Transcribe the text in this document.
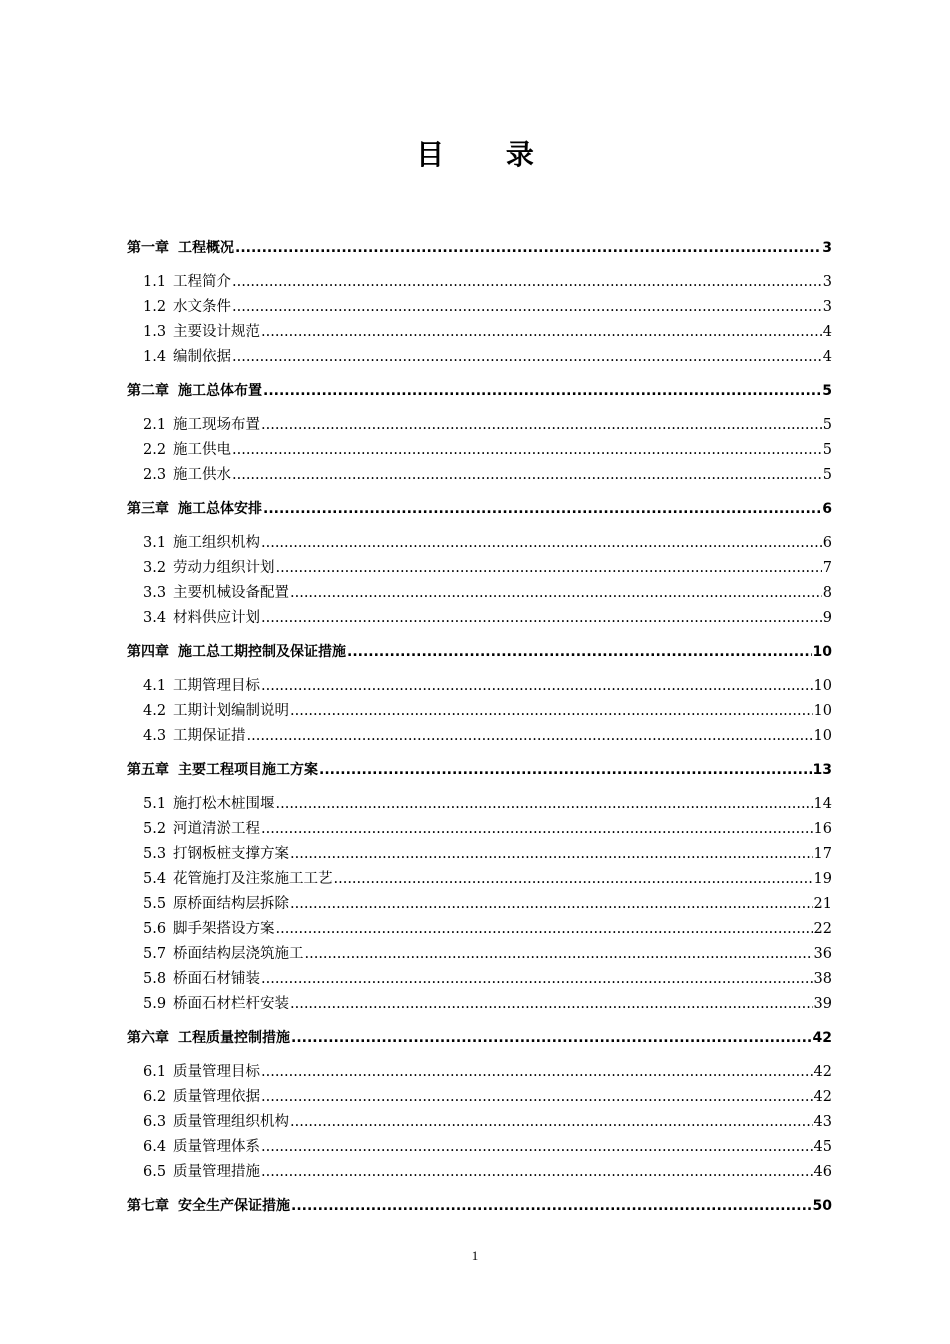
目 录
第一章 工程概况 .....	3
1.1 工程简介 .....	3
1.2 水文条件 .....	3
1.3 主要设计规范 .....	4
1.4 编制依据 .....	4
第二章 施工总体布置 .....	5
2.1 施工现场布置 .....	5
2.2 施工供电 .....	5
2.3 施工供水 .....	5
第三章 施工总体安排 .....	6
3.1 施工组织机构 .....	6
3.2 劳动力组织计划 .....	7
3.3 主要机械设备配置 .....	8
3.4 材料供应计划 .....	9
第四章 施工总工期控制及保证措施 .....	10
4.1 工期管理目标 .....	10
4.2 工期计划编制说明 .....	10
4.3 工期保证措 .....	10
第五章 主要工程项目施工方案 .....	13
5.1 施打松木桩围堰 .....	14
5.2 河道清淤工程 .....	16
5.3 打钢板桩支撑方案 .....	17
5.4 花管施打及注浆施工工艺 .....	19
5.5 原桥面结构层拆除 .....	21
5.6 脚手架搭设方案 .....	22
5.7 桥面结构层浇筑施工 .....	36
5.8 桥面石材铺装 .....	38
5.9 桥面石材栏杆安装 .....	39
第六章 工程质量控制措施 .....	42
6.1 质量管理目标 .....	42
6.2 质量管理依据 .....	42
6.3 质量管理组织机构 .....	43
6.4 质量管理体系 .....	45
6.5 质量管理措施 .....	46
第七章 安全生产保证措施 .....	50
1
